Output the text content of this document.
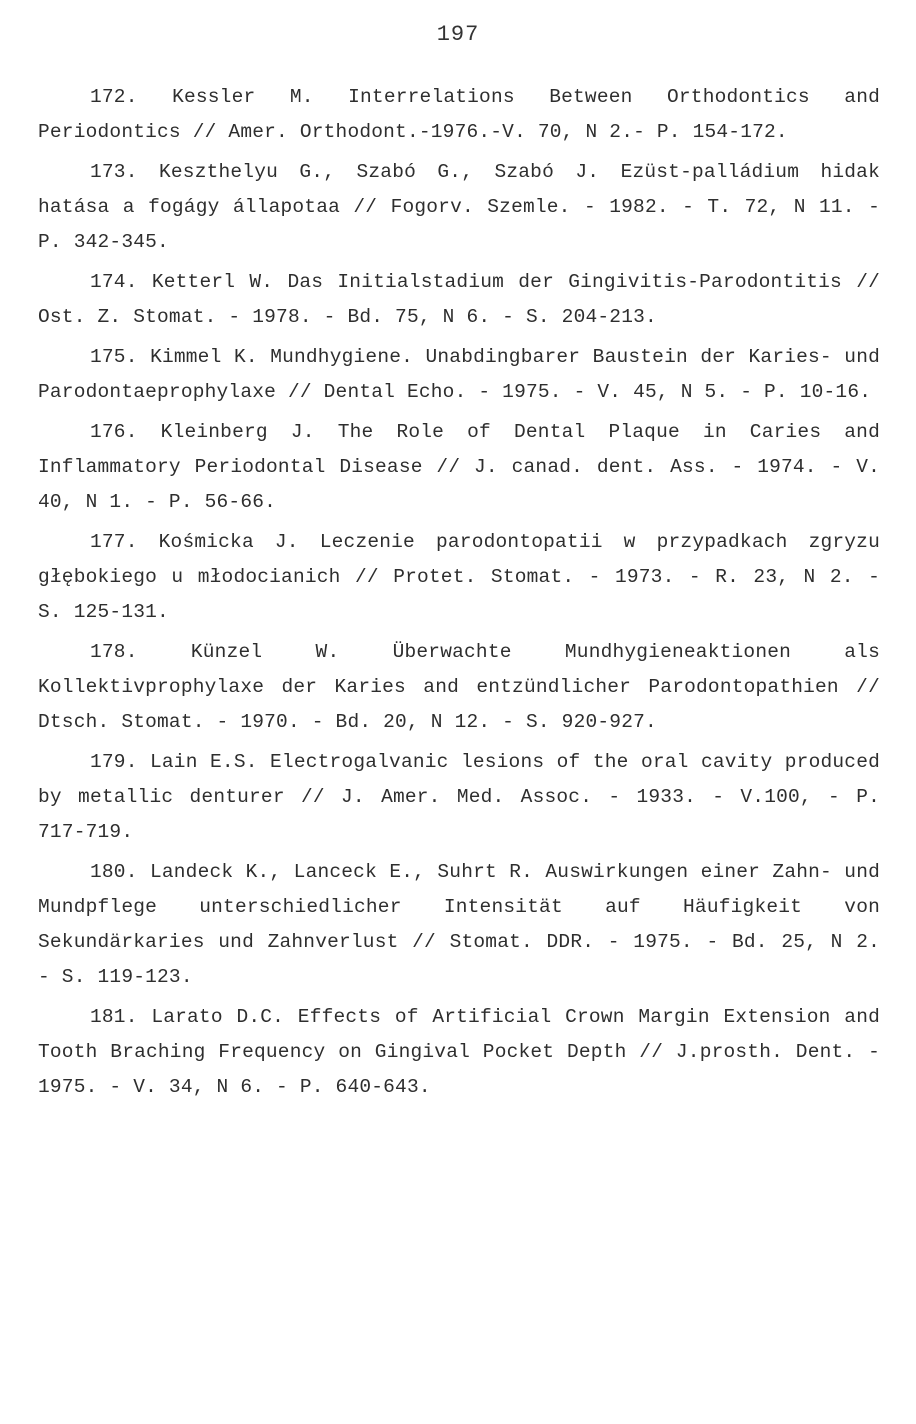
197

172. Kessler M. Interrelations Between Orthodontics and Periodontics // Amer. Orthodont.-1976.-V. 70, N 2.- P. 154-172.

173. Keszthelyu G., Szabó G., Szabó J. Ezüst-palládium hidak hatása a fogágy állapotaa // Fogorv. Szemle. - 1982. - T. 72, N 11. - P. 342-345.

174. Ketterl W. Das Initialstadium der Gingivitis-Parodontitis // Ost. Z. Stomat. - 1978. - Bd. 75, N 6. - S. 204-213.

175. Kimmel K. Mundhygiene. Unabdingbarer Baustein der Karies- und Parodontaeprophylaxe // Dental Echo. - 1975. - V. 45, N 5. - P. 10-16.

176. Kleinberg J. The Role of Dental Plaque in Caries and Inflammatory Periodontal Disease // J. canad. dent. Ass. - 1974. - V. 40, N 1. - P. 56-66.

177. Kośmicka J. Leczenie parodontopatii w przypadkach zgryzu głębokiego u młodocianich // Protet. Stomat. - 1973. - R. 23, N 2. - S. 125-131.

178. Künzel W. Überwachte Mundhygieneaktionen als Kollektivprophylaxe der Karies and entzündlicher Parodontopathien // Dtsch. Stomat. - 1970. - Bd. 20, N 12. - S. 920-927.

179. Lain E.S. Electrogalvanic lesions of the oral cavity produced by metallic denturer // J. Amer. Med. Assoc. - 1933. - V.100, - P. 717-719.

180. Landeck K., Lanceck E., Suhrt R. Auswirkungen einer Zahn- und Mundpflege unterschiedlicher Intensität auf Häufigkeit von Sekundärkaries und Zahnverlust // Stomat. DDR. - 1975. - Bd. 25, N 2. - S. 119-123.

181. Larato D.C. Effects of Artificial Crown Margin Extension and Tooth Braching Frequency on Gingival Pocket Depth // J.prosth. Dent. - 1975. - V. 34, N 6. - P. 640-643.
